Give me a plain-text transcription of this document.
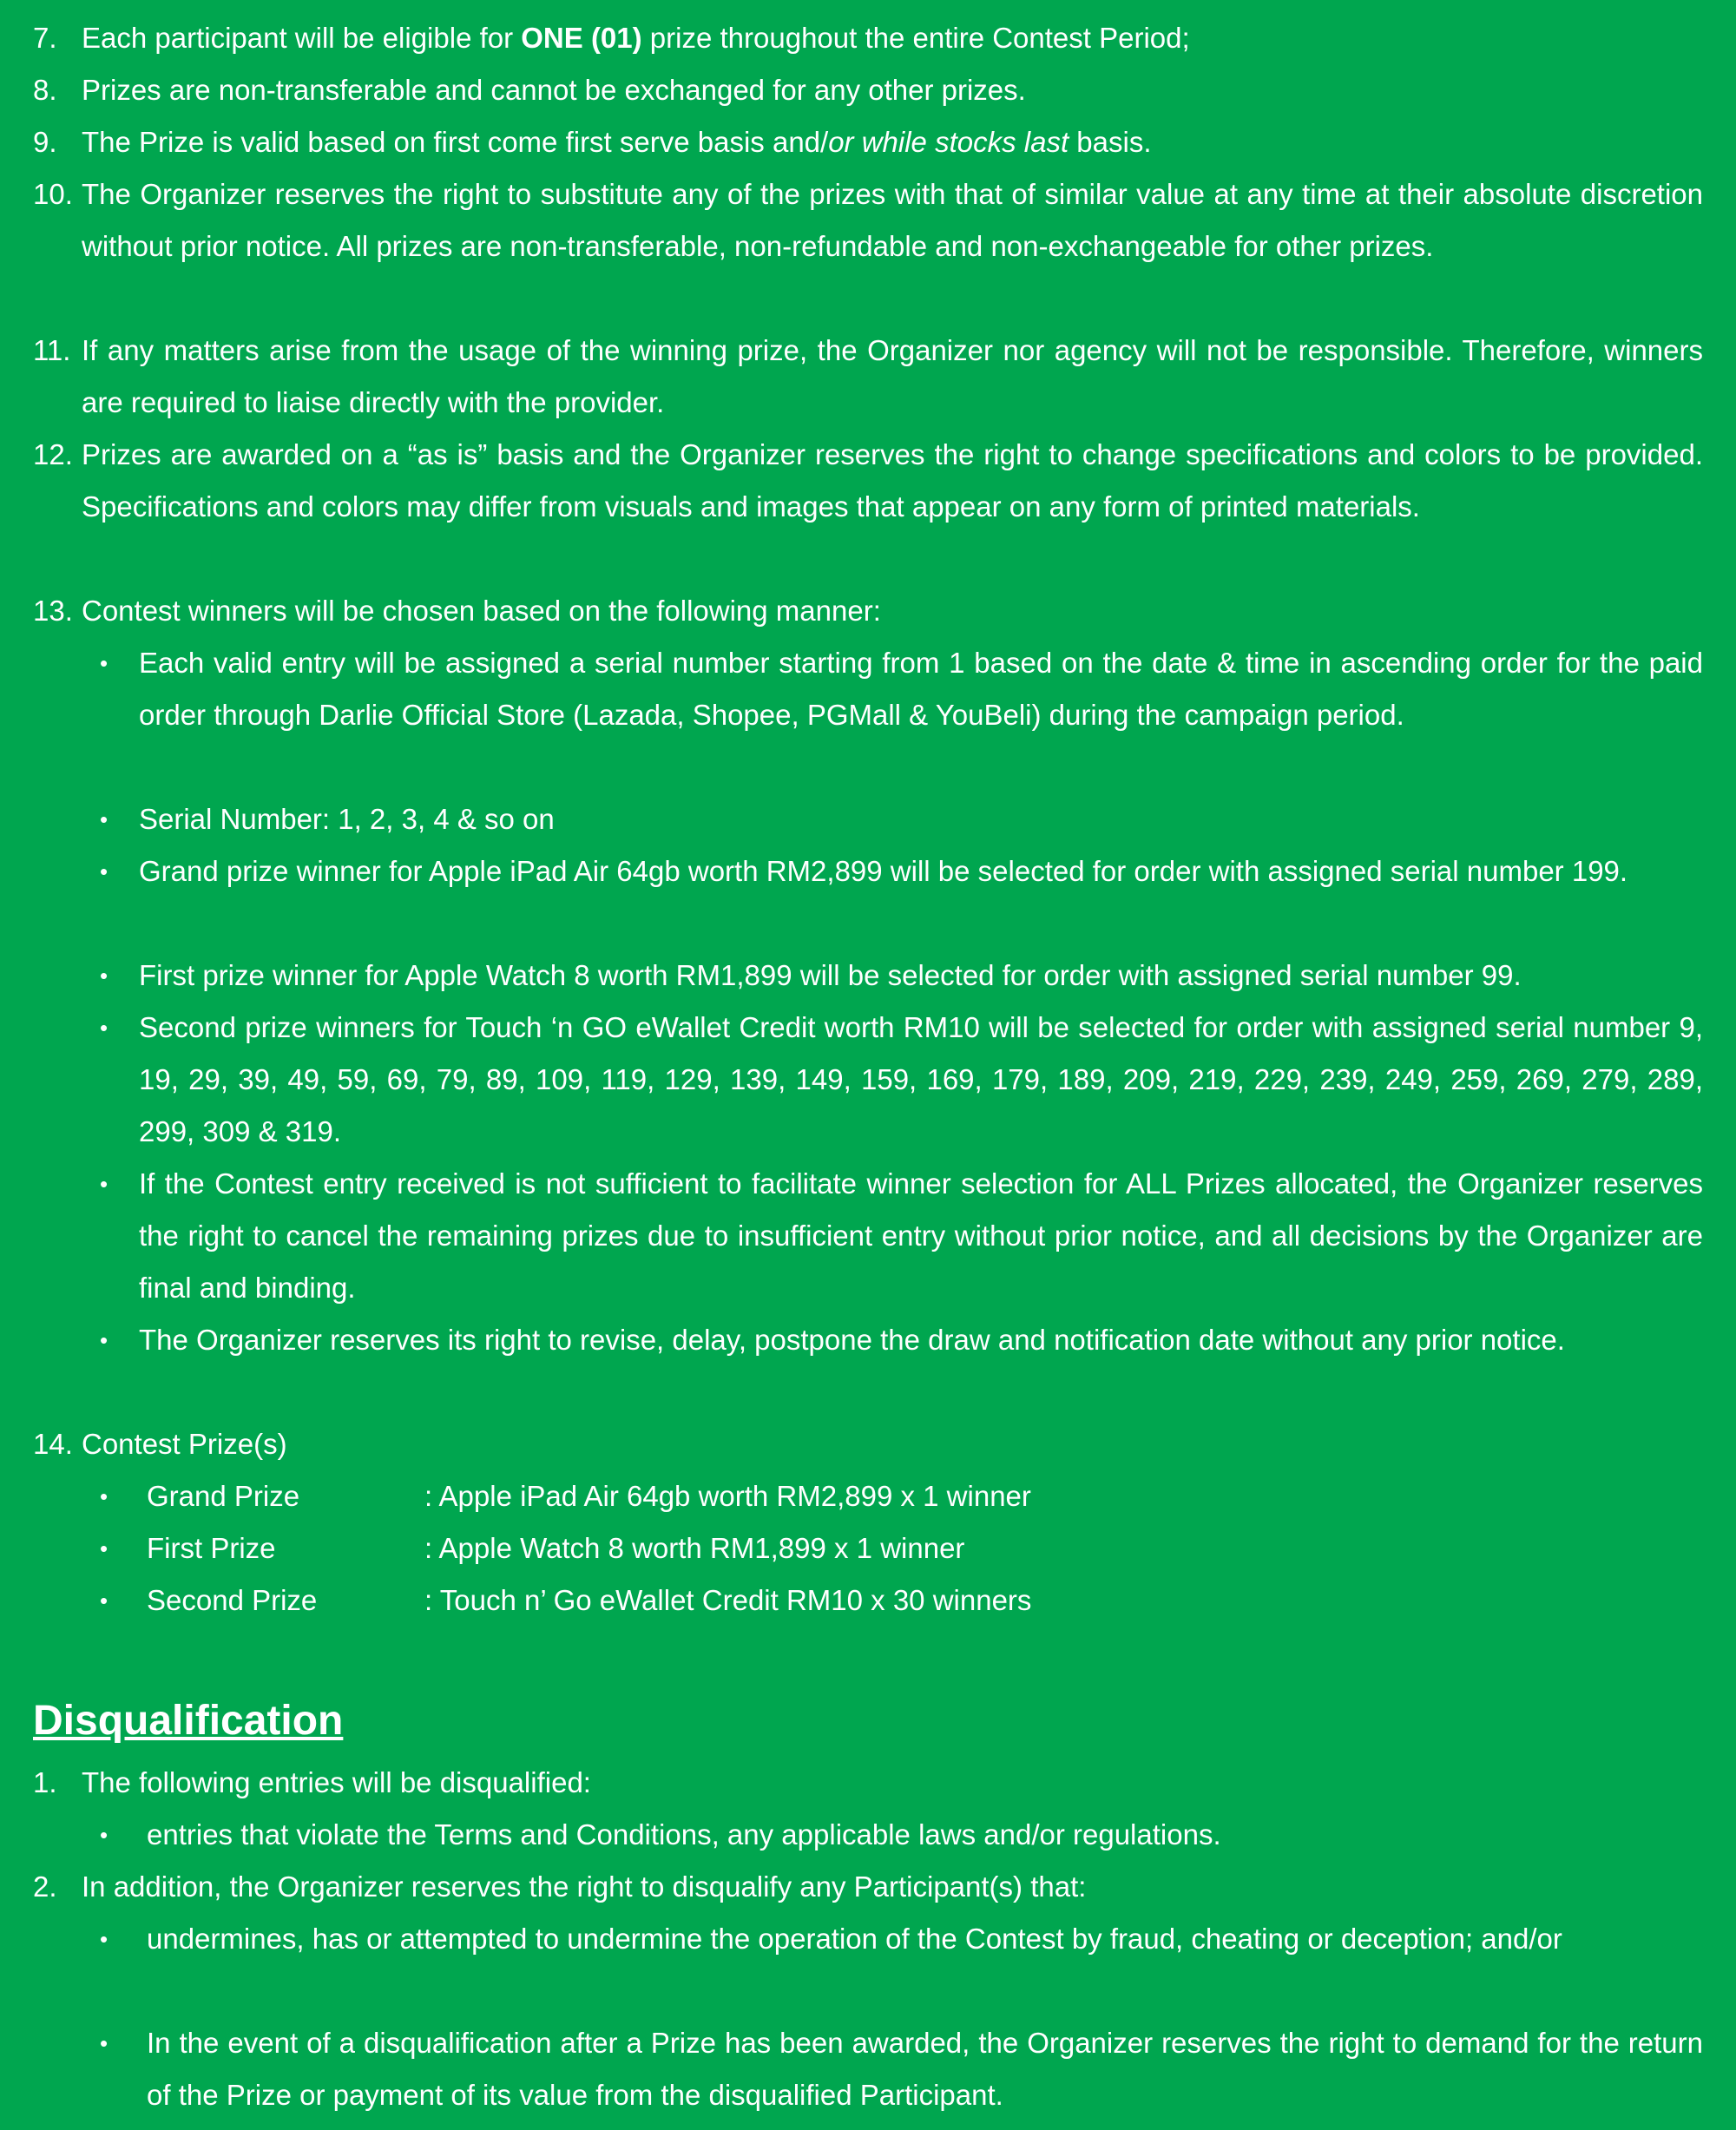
7. Each participant will be eligible for ONE (01) prize throughout the entire Contest Period;
8. Prizes are non-transferable and cannot be exchanged for any other prizes.
9. The Prize is valid based on first come first serve basis and/or while stocks last basis.
10. The Organizer reserves the right to substitute any of the prizes with that of similar value at any time at their absolute discretion without prior notice. All prizes are non-transferable, non-refundable and non-exchangeable for other prizes.
11. If any matters arise from the usage of the winning prize, the Organizer nor agency will not be responsible. Therefore, winners are required to liaise directly with the provider.
12. Prizes are awarded on a “as is” basis and the Organizer reserves the right to change specifications and colors to be provided. Specifications and colors may differ from visuals and images that appear on any form of printed materials.
13. Contest winners will be chosen based on the following manner:
• Each valid entry will be assigned a serial number starting from 1 based on the date & time in ascending order for the paid order through Darlie Official Store (Lazada, Shopee, PGMall & YouBeli) during the campaign period.
• Serial Number: 1, 2, 3, 4 & so on
• Grand prize winner for Apple iPad Air 64gb worth RM2,899 will be selected for order with assigned serial number 199.
• First prize winner for Apple Watch 8 worth RM1,899 will be selected for order with assigned serial number 99.
• Second prize winners for Touch ‘n GO eWallet Credit worth RM10 will be selected for order with assigned serial number 9, 19, 29, 39, 49, 59, 69, 79, 89, 109, 119, 129, 139, 149, 159, 169, 179, 189, 209, 219, 229, 239, 249, 259, 269, 279, 289, 299, 309 & 319.
• If the Contest entry received is not sufficient to facilitate winner selection for ALL Prizes allocated, the Organizer reserves the right to cancel the remaining prizes due to insufficient entry without prior notice, and all decisions by the Organizer are final and binding.
• The Organizer reserves its right to revise, delay, postpone the draw and notification date without any prior notice.
14. Contest Prize(s)
• Grand Prize	: Apple iPad Air 64gb worth RM2,899 x 1 winner
• First Prize	: Apple Watch 8 worth RM1,899 x 1 winner
• Second Prize	: Touch n’ Go eWallet Credit RM10 x 30 winners
Disqualification
1. The following entries will be disqualified:
• entries that violate the Terms and Conditions, any applicable laws and/or regulations.
2. In addition, the Organizer reserves the right to disqualify any Participant(s) that:
• undermines, has or attempted to undermine the operation of the Contest by fraud, cheating or deception; and/or
• In the event of a disqualification after a Prize has been awarded, the Organizer reserves the right to demand for the return of the Prize or payment of its value from the disqualified Participant.
